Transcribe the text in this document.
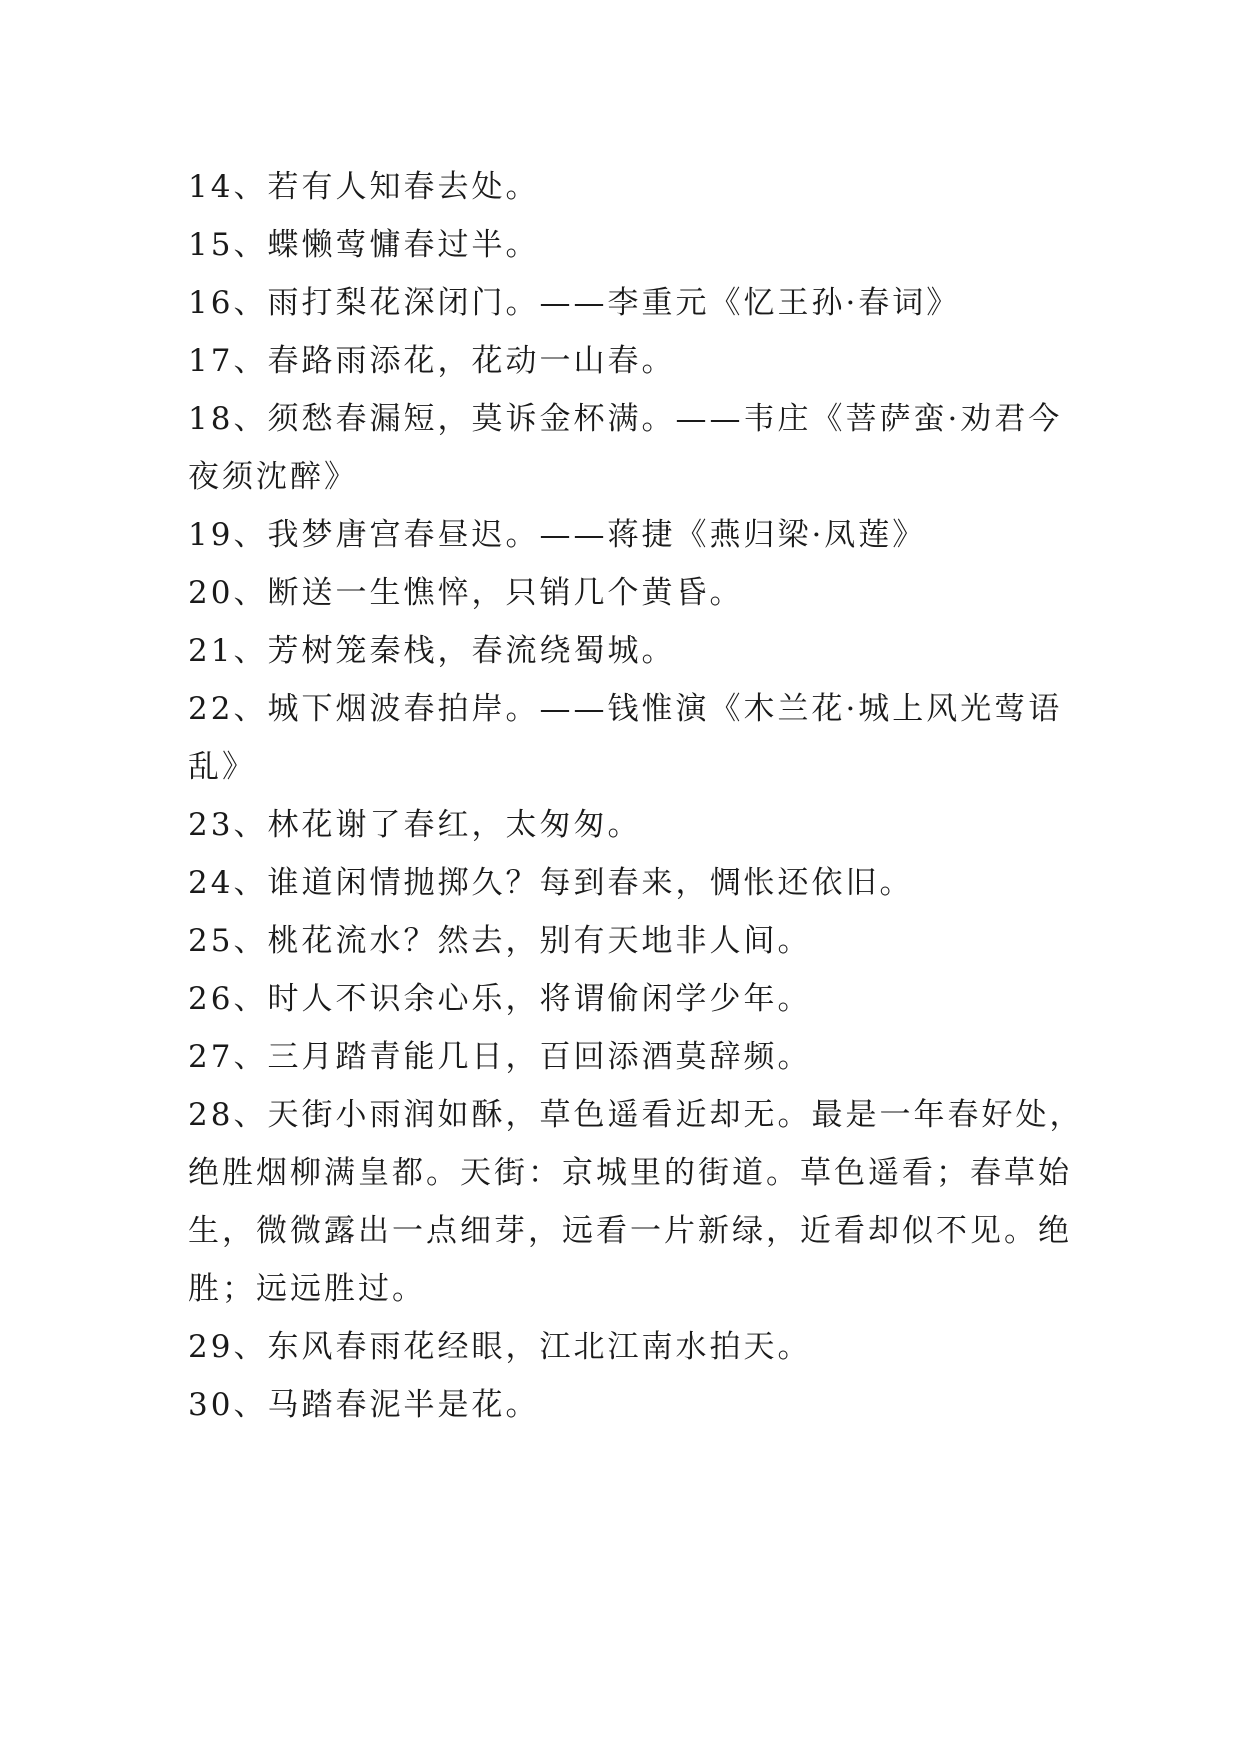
14、若有人知春去处。

15、蝶懒莺慵春过半。

16、雨打梨花深闭门。——李重元《忆王孙·春词》

17、春路雨添花，花动一山春。

18、须愁春漏短，莫诉金杯满。——韦庄《菩萨蛮·劝君今

夜须沈醉》

19、我梦唐宫春昼迟。——蒋捷《燕归梁·凤莲》

20、断送一生憔悴，只销几个黄昏。

21、芳树笼秦栈，春流绕蜀城。

22、城下烟波春拍岸。——钱惟演《木兰花·城上风光莺语

乱》

23、林花谢了春红，太匆匆。

24、谁道闲情抛掷久？每到春来，惆怅还依旧。

25、桃花流水？然去，别有天地非人间。

26、时人不识余心乐，将谓偷闲学少年。

27、三月踏青能几日，百回添酒莫辞频。

28、天街小雨润如酥，草色遥看近却无。最是一年春好处，

绝胜烟柳满皇都。天街：京城里的街道。草色遥看；春草始

生，微微露出一点细芽，远看一片新绿，近看却似不见。绝

胜；远远胜过。

29、东风春雨花经眼，江北江南水拍天。

30、马踏春泥半是花。
